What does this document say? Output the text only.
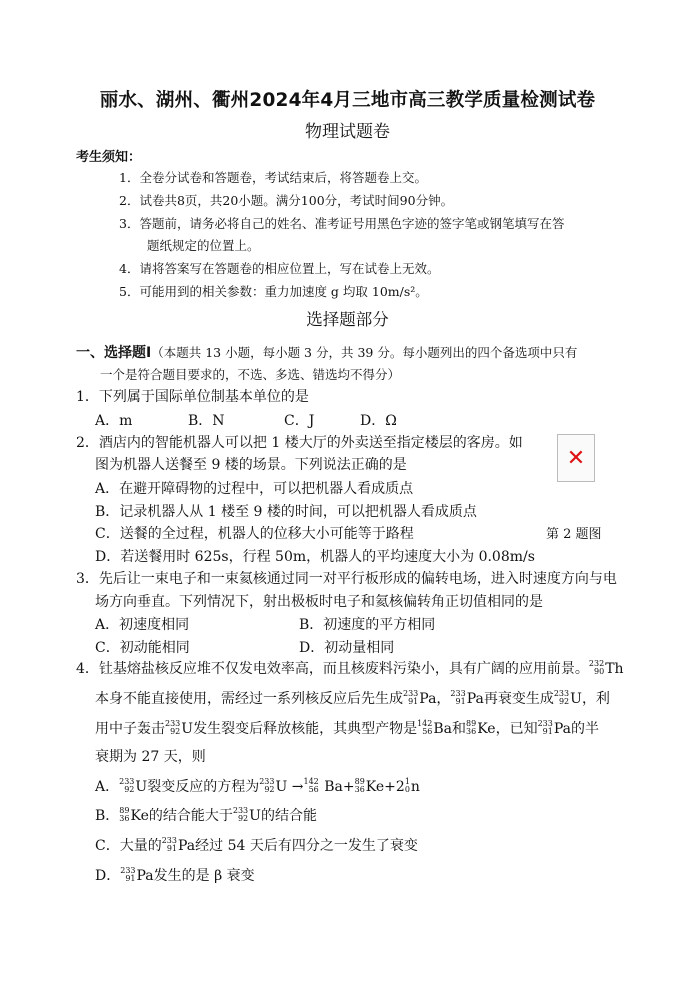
丽水、湖州、衢州2024年4月三地市高三教学质量检测试卷
物理试题卷
考生须知：
1．全卷分试卷和答题卷，考试结束后，将答题卷上交。
2．试卷共8页，共20小题。满分100分，考试时间90分钟。
3．答题前，请务必将自己的姓名、准考证号用黑色字迹的签字笔或钢笔填写在答
题纸规定的位置上。
4．请将答案写在答题卷的相应位置上，写在试卷上无效。
5．可能用到的相关参数：重力加速度 g 均取 10m/s²。
选择题部分
一、选择题Ⅰ（本题共 13 小题，每小题 3 分，共 39 分。每小题列出的四个备选项中只有
一个是符合题目要求的，不选、多选、错选均不得分）
1．下列属于国际单位制基本单位的是
A．m	B．N	C．J	D．Ω
2．酒店内的智能机器人可以把 1 楼大厅的外卖送至指定楼层的客房。如
图为机器人送餐至 9 楼的场景。下列说法正确的是
A．在避开障碍物的过程中，可以把机器人看成质点
B．记录机器人从 1 楼至 9 楼的时间，可以把机器人看成质点
C．送餐的全过程，机器人的位移大小可能等于路程
D．若送餐用时 625s，行程 50m，机器人的平均速度大小为 0.08m/s
✕
第 2 题图
3．先后让一束电子和一束氦核通过同一对平行板形成的偏转电场，进入时速度方向与电
场方向垂直。下列情况下，射出极板时电子和氦核偏转角正切值相同的是
A．初速度相同	B．初速度的平方相同
C．初动能相同	D．初动量相同
4．钍基熔盐核反应堆不仅发电效率高，而且核废料污染小，具有广阔的应用前景。 232
90 Th
本身不能直接使用，需经过一系列核反应后先生成 233
91 Pa， 233
91 Pa再衰变生成 233
92 U，利
用中子轰击 233
92 U发生裂变后释放核能，其典型产物是 142
56 Ba和 89
36 Ke，已知 233
91 Pa的半
衰期为 27 天，则
A． 233
92 U裂变反应的方程为 233
92 U → 142
56 Ba+ 89
36 Ke+2 1
0 n
B． 89
36 Ke的结合能大于 233
92 U的结合能
C．大量的 233
91 Pa经过 54 天后有四分之一发生了衰变
D． 233
91 Pa发生的是 β 衰变
